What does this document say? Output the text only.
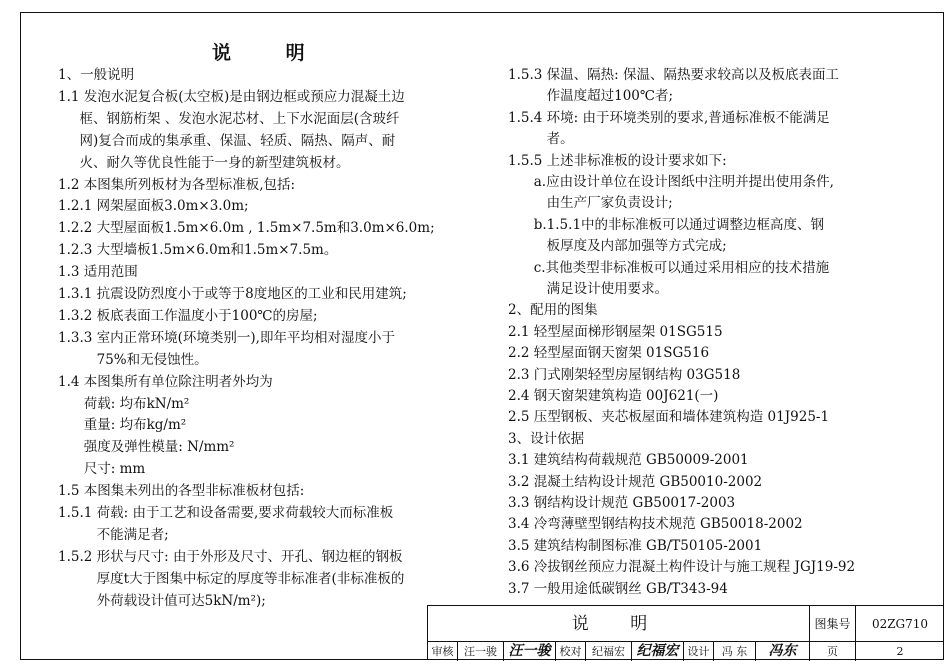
说 明
1、一般说明
1.1 发泡水泥复合板(太空板)是由钢边框或预应力混凝土边
框、钢筋桁架 、发泡水泥芯材、上下水泥面层(含玻纤
网)复合而成的集承重、保温、轻质、隔热、隔声、耐
火、耐久等优良性能于一身的新型建筑板材。
1.2 本图集所列板材为各型标准板,包括:
1.2.1 网架屋面板3.0m×3.0m;
1.2.2 大型屋面板1.5m×6.0m , 1.5m×7.5m和3.0m×6.0m;
1.2.3 大型墙板1.5m×6.0m和1.5m×7.5m。
1.3 适用范围
1.3.1 抗震设防烈度小于或等于8度地区的工业和民用建筑;
1.3.2 板底表面工作温度小于100℃的房屋;
1.3.3 室内正常环境(环境类别一),即年平均相对湿度小于
75%和无侵蚀性。
1.4 本图集所有单位除注明者外均为
荷载: 均布kN/m²
重量: 均布kg/m²
强度及弹性模量: N/mm²
尺寸: mm
1.5 本图集未列出的各型非标准板材包括:
1.5.1 荷载: 由于工艺和设备需要,要求荷载较大而标准板
不能满足者;
1.5.2 形状与尺寸: 由于外形及尺寸、开孔、钢边框的钢板
厚度t大于图集中标定的厚度等非标准者(非标准板的
外荷载设计值可达5kN/m²);
1.5.3 保温、隔热: 保温、隔热要求较高以及板底表面工
作温度超过100℃者;
1.5.4 环境: 由于环境类别的要求,普通标准板不能满足
者。
1.5.5 上述非标准板的设计要求如下:
a.应由设计单位在设计图纸中注明并提出使用条件,
由生产厂家负责设计;
b.1.5.1中的非标准板可以通过调整边框高度、钢
板厚度及内部加强等方式完成;
c.其他类型非标准板可以通过采用相应的技术措施
满足设计使用要求。
2、配用的图集
2.1 轻型屋面梯形钢屋架 01SG515
2.2 轻型屋面钢天窗架 01SG516
2.3 门式刚架轻型房屋钢结构 03G518
2.4 钢天窗架建筑构造 00J621(一)
2.5 压型钢板、夹芯板屋面和墙体建筑构造 01J925-1
3、设计依据
3.1 建筑结构荷载规范 GB50009-2001
3.2 混凝土结构设计规范 GB50010-2002
3.3 钢结构设计规范 GB50017-2003
3.4 冷弯薄壁型钢结构技术规范 GB50018-2002
3.5 建筑结构制图标准 GB/T50105-2001
3.6 冷拔钢丝预应力混凝土构件设计与施工规程 JGJ19-92
3.7 一般用途低碳钢丝 GB/T343-94
说 明	图集号	02ZG710
审核 汪一骏 汪一骏 校对 纪福宏 纪福宏 设计	冯 东	冯东	页	2
